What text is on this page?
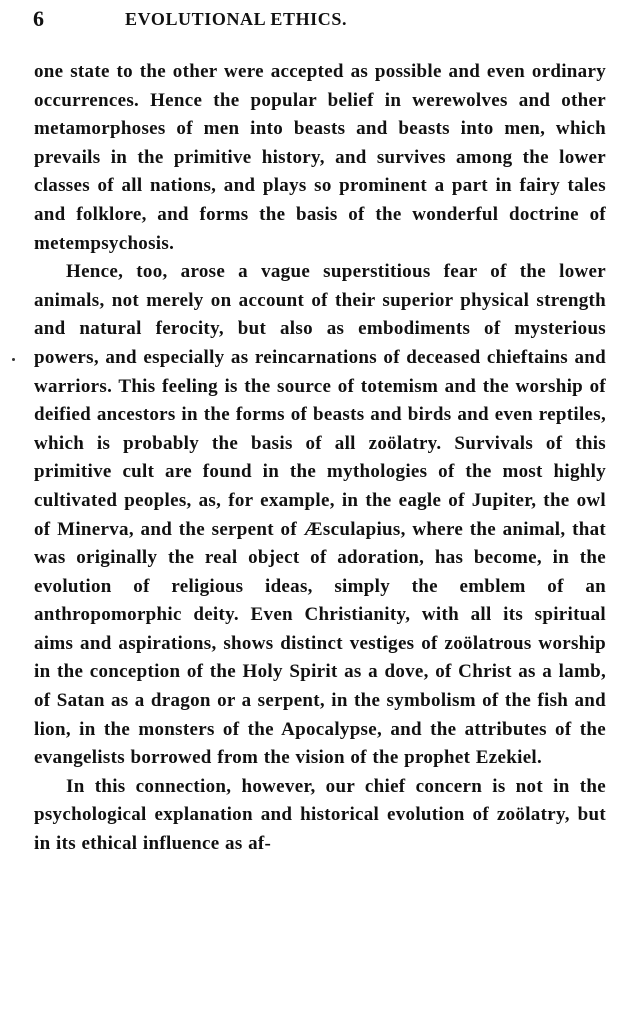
6	EVOLUTIONAL ETHICS.

one state to the other were accepted as possible and even ordinary occurrences. Hence the popular belief in werewolves and other metamorphoses of men into beasts and beasts into men, which prevails in the primitive history, and survives among the lower classes of all nations, and plays so prominent a part in fairy tales and folklore, and forms the basis of the wonderful doctrine of metempsychosis.

Hence, too, arose a vague superstitious fear of the lower animals, not merely on account of their superior physical strength and natural ferocity, but also as embodiments of mysterious powers, and especially as reincarnations of deceased chieftains and warriors. This feeling is the source of totemism and the worship of deified ancestors in the forms of beasts and birds and even reptiles, which is probably the basis of all zoölatry. Survivals of this primitive cult are found in the mythologies of the most highly cultivated peoples, as, for example, in the eagle of Jupiter, the owl of Minerva, and the serpent of Æsculapius, where the animal, that was originally the real object of adoration, has become, in the evolution of religious ideas, simply the emblem of an anthropomorphic deity. Even Christianity, with all its spiritual aims and aspirations, shows distinct vestiges of zoölatrous worship in the conception of the Holy Spirit as a dove, of Christ as a lamb, of Satan as a dragon or a serpent, in the symbolism of the fish and lion, in the monsters of the Apocalypse, and the attributes of the evangelists borrowed from the vision of the prophet Ezekiel.

In this connection, however, our chief concern is not in the psychological explanation and historical evolution of zoölatry, but in its ethical influence as af-
